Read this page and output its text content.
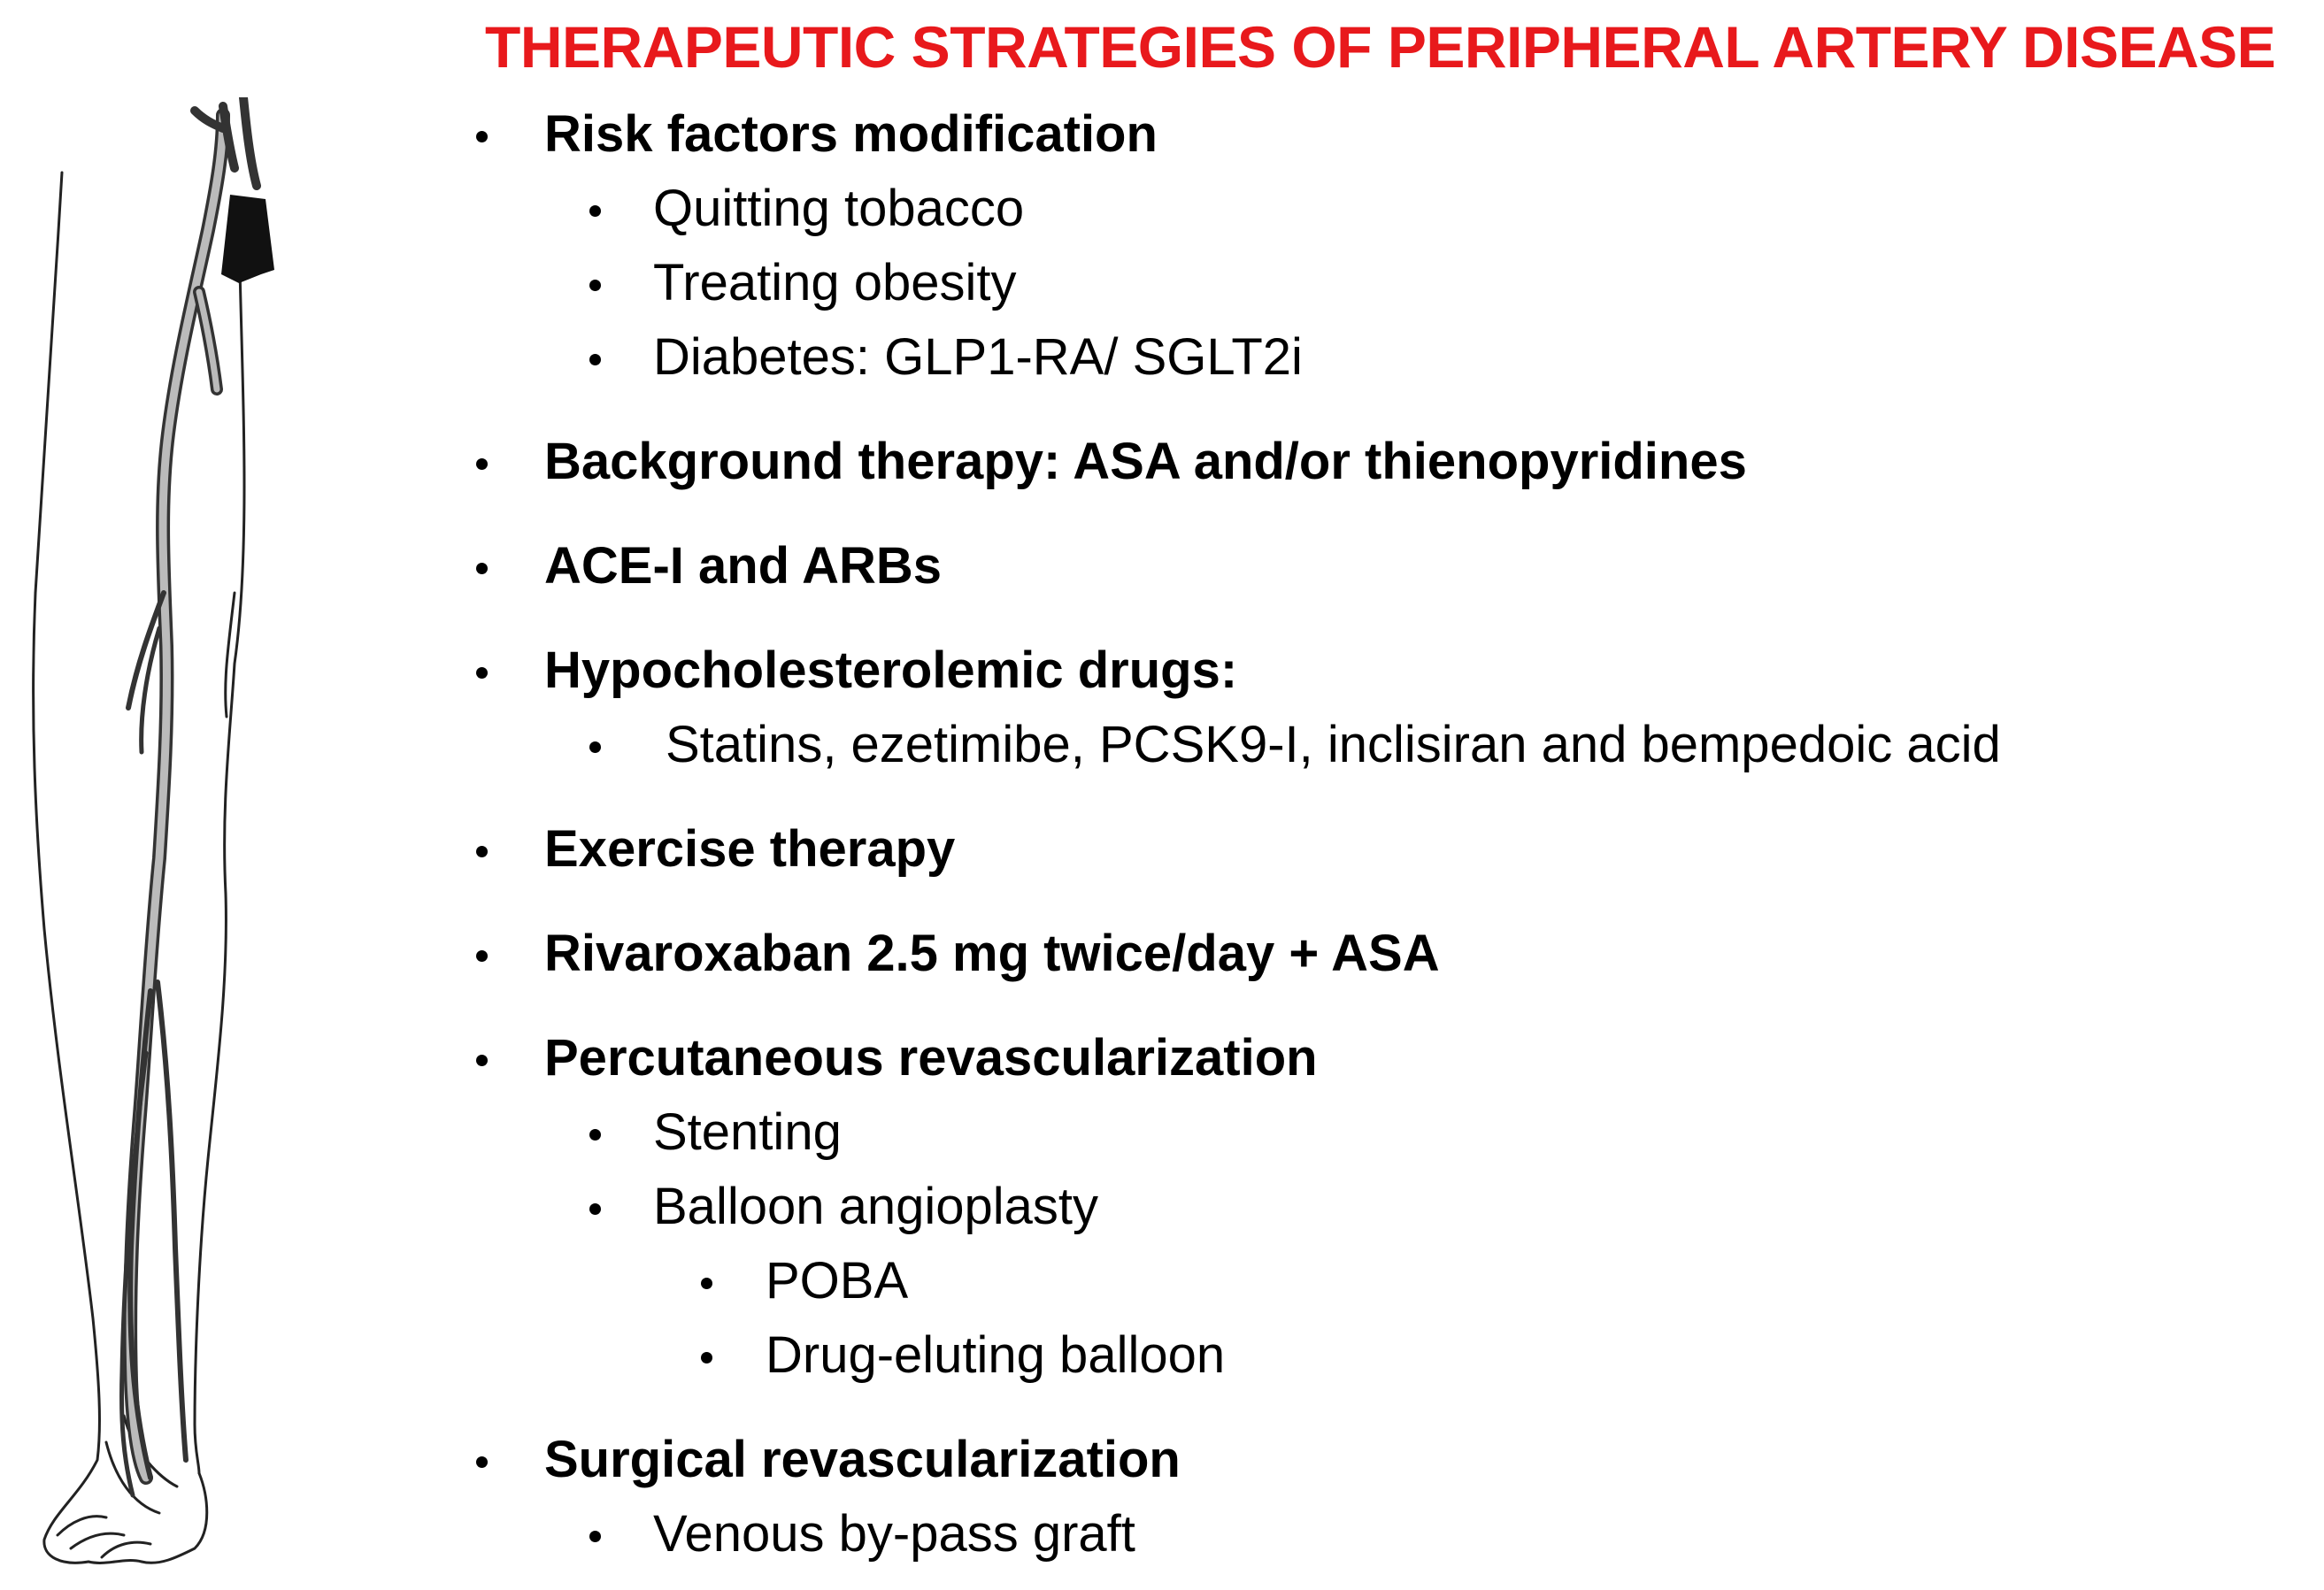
THERAPEUTIC STRATEGIES OF PERIPHERAL ARTERY DISEASE
Risk factors modification
Quitting tobacco
Treating obesity
Diabetes: GLP1-RA/ SGLT2i
Background therapy: ASA and/or thienopyridines
ACE-I and ARBs
Hypocholesterolemic drugs:
Statins, ezetimibe, PCSK9-I, inclisiran and bempedoic acid
Exercise therapy
Rivaroxaban 2.5 mg twice/day + ASA
Percutaneous revascularization
Stenting
Balloon angioplasty
POBA
Drug-eluting balloon
Surgical revascularization
Venous by-pass graft
